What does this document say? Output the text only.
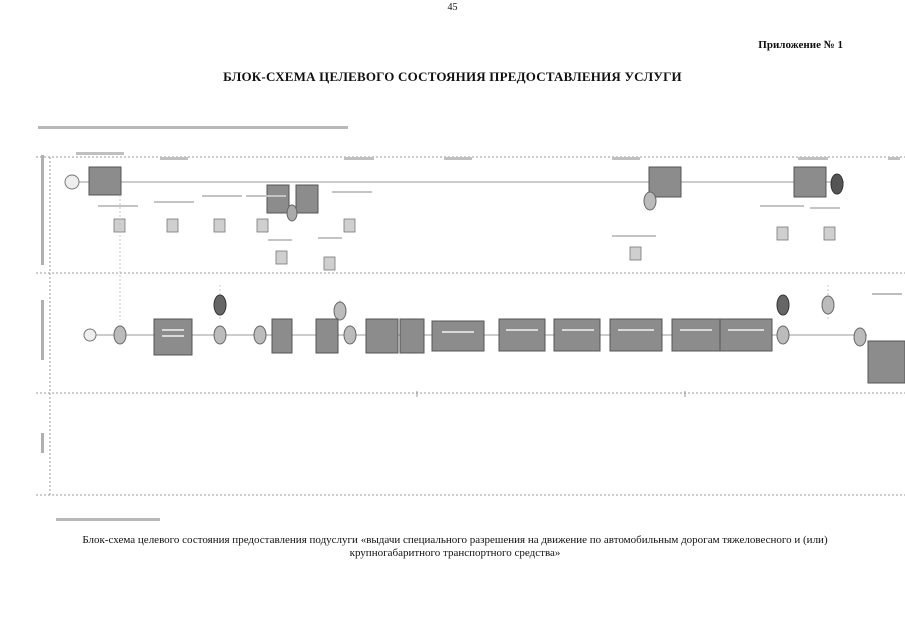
45
Приложение № 1
БЛОК-СХЕМА ЦЕЛЕВОГО СОСТОЯНИЯ ПРЕДОСТАВЛЕНИЯ УСЛУГИ
Блок-схема целевого состояния предоставления подуслуги «выдачи специального разрешения на движение по автомобильным дорогам тяжеловесного и (или) крупногабаритного транспортного средства»
